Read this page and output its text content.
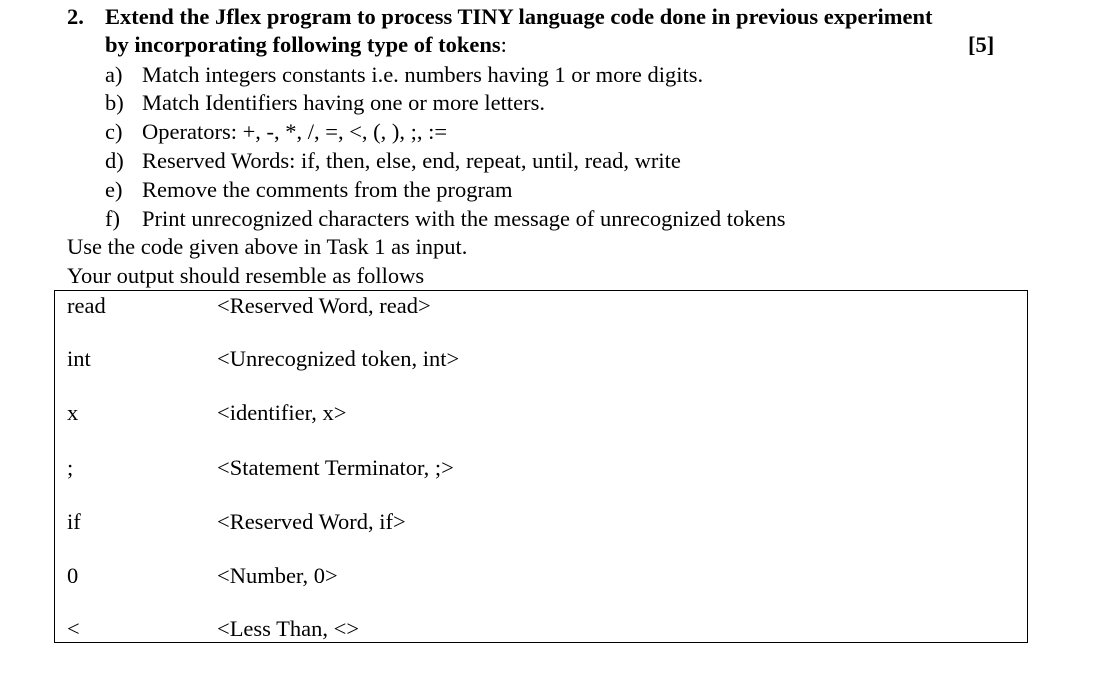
2. Extend the Jflex program to process TINY language code done in previous experiment
by incorporating following type of tokens:	[5]
a) Match integers constants i.e. numbers having 1 or more digits.
b) Match Identifiers having one or more letters.
c) Operators: +, -, *, /, =, <, (, ), ;, :=
d) Reserved Words: if, then, else, end, repeat, until, read, write
e) Remove the comments from the program
f) Print unrecognized characters with the message of unrecognized tokens
Use the code given above in Task 1 as input.
Your output should resemble as follows
read	<Reserved Word, read>
int	<Unrecognized token, int>
x	<identifier, x>
;	<Statement Terminator, ;>
if	<Reserved Word, if>
0	<Number, 0>
<	<Less Than, <>
